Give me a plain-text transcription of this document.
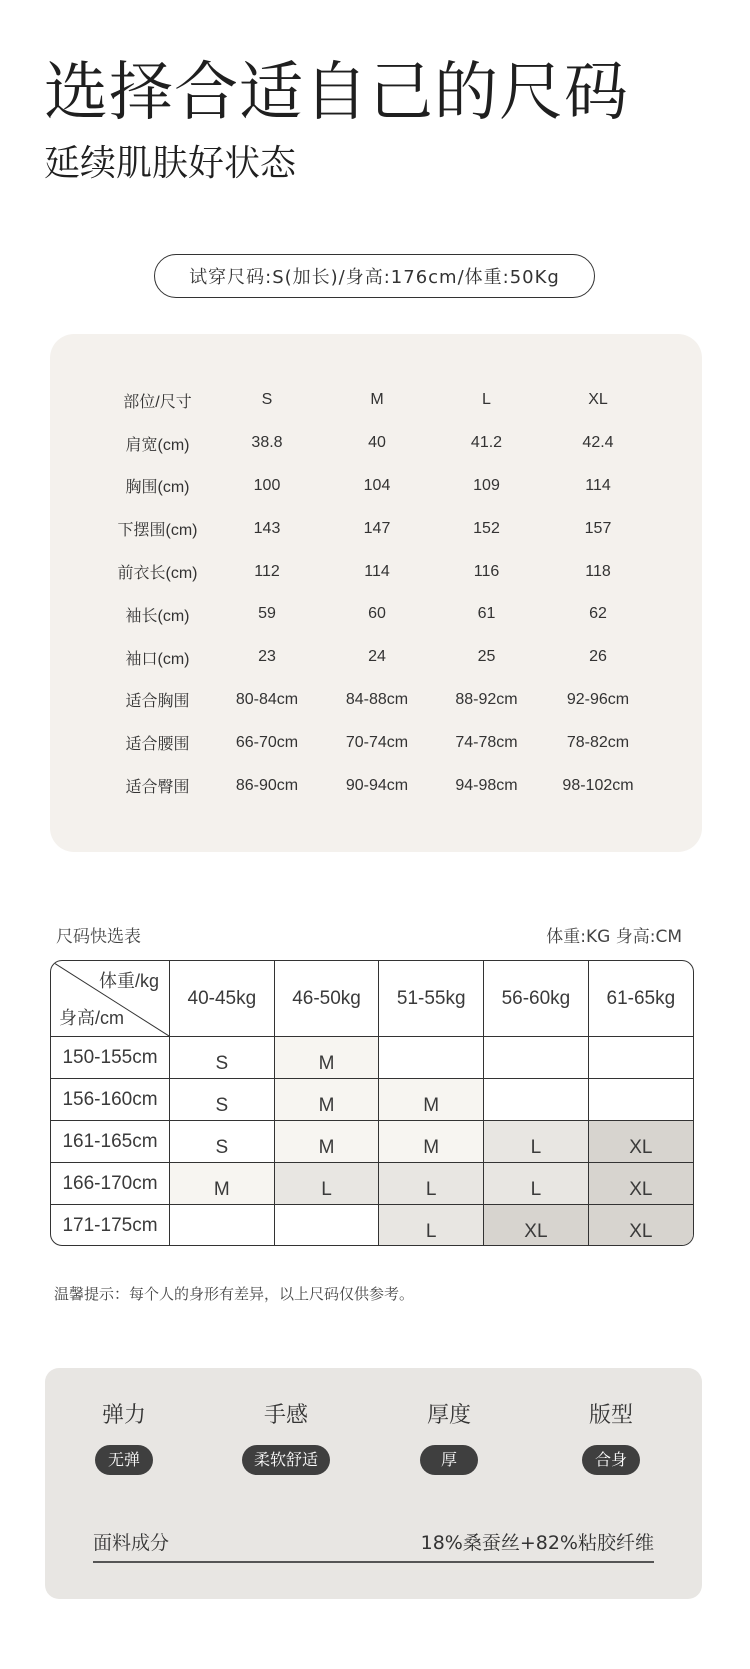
选择合适自己的尺码
延续肌肤好状态
试穿尺码:S(加长)/身高:176cm/体重:50Kg
部位/尺寸	S	M	L	XL
肩宽(cm)	38.8	40	41.2	42.4
胸围(cm)	100	104	109	114
下摆围(cm)	143	147	152	157
前衣长(cm)	112	114	116	118
袖长(cm)	59	60	61	62
袖口(cm)	23	24	25	26
适合胸围	80-84cm	84-88cm	88-92cm	92-96cm
适合腰围	66-70cm	70-74cm	74-78cm	78-82cm
适合臀围	86-90cm	90-94cm	94-98cm	98-102cm
尺码快选表	体重:KG 身高:CM
体重/kg
身高/cm	40-45kg	46-50kg	51-55kg	56-60kg	61-65kg
150-155cm	S	M			
156-160cm	S	M	M		
161-165cm	S	M	M	L	XL
166-170cm	M	L	L	L	XL
171-175cm			L	XL	XL
温馨提示：每个人的身形有差异，以上尺码仅供参考。
弹力
无弹
手感
柔软舒适
厚度
厚
版型
合身
面料成分	18%桑蚕丝+82%粘胶纤维
